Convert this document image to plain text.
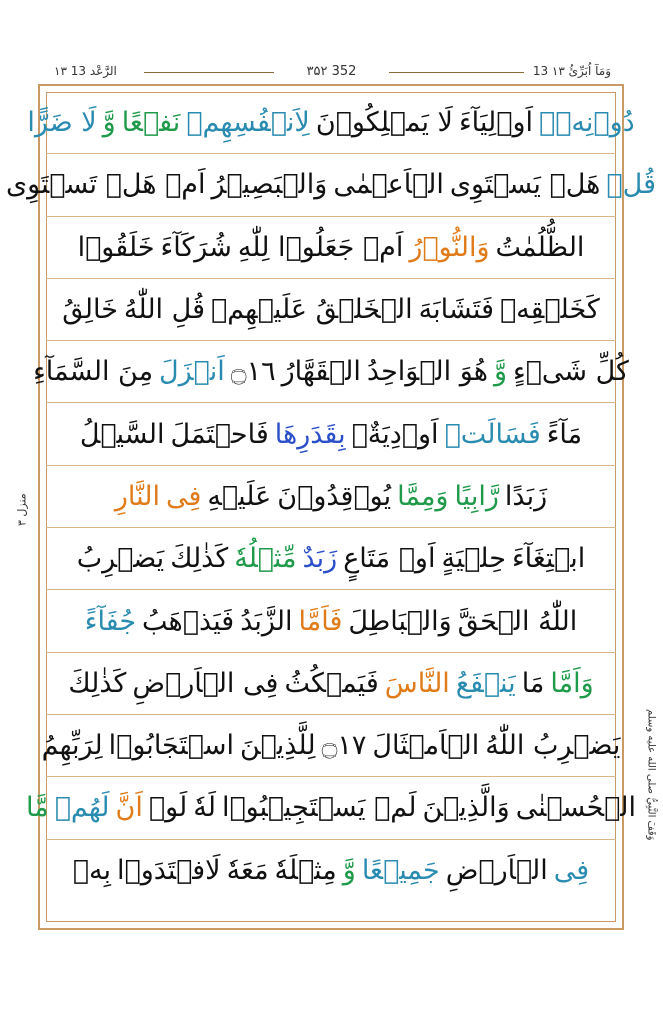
۱۳ الرَّعْد 13	۳۵۲ 352	13 وَمَآ اُبَرِّئُ ۱۳
دُوۡنِهٖۤ
اَوۡلِيَآءَ
لَا يَمۡلِكُوۡنَ
لِاَنۡفُسِهِمۡ
نَفۡعًا
وَّ
لَا ضَرًّا
قُلۡ
هَلۡ يَسۡتَوِى
الۡاَعۡمٰى
وَالۡبَصِيۡرُ
اَمۡ هَلۡ تَسۡتَوِى
الظُّلُمٰتُ
وَالنُّوۡرُ
اَمۡ جَعَلُوۡا لِلّٰهِ
شُرَكَآءَ
خَلَقُوۡا
كَخَلۡقِهٖ
فَتَشَابَهَ
الۡخَلۡقُ عَلَيۡهِمۡ
قُلِ اللّٰهُ
خَالِقُ
كُلِّ شَىۡءٍ
وَّ
هُوَ الۡوَاحِدُ
الۡقَهَّارُ
۝١٦
اَنۡزَلَ
مِنَ السَّمَآءِ
مَآءً
فَسَالَتۡ
اَوۡدِيَةٌۢ
بِقَدَرِهَا
فَاحۡتَمَلَ
السَّيۡلُ
زَبَدًا
رَّابِيًا
وَمِمَّا
يُوۡقِدُوۡنَ
عَلَيۡهِ
فِى
النَّارِ
ابۡتِغَآءَ
حِلۡيَةٍ
اَوۡ مَتَاعٍ
زَبَدٌ
مِّثۡلُهٗ
كَذٰلِكَ
يَضۡرِبُ
اللّٰهُ الۡحَقَّ
وَالۡبَاطِلَ
فَاَمَّا
الزَّبَدُ
فَيَذۡهَبُ
جُفَآءً
وَاَمَّا
مَا
يَنۡفَعُ
النَّاسَ
فَيَمۡكُثُ
فِى الۡاَرۡضِ
كَذٰلِكَ
يَضۡرِبُ اللّٰهُ
الۡاَمۡثَالَ
۝١٧
لِلَّذِيۡنَ
اسۡتَجَابُوۡا
لِرَبِّهِمُ
الۡحُسۡنٰى
وَالَّذِيۡنَ
لَمۡ يَسۡتَجِيۡبُوۡا
لَهٗ
لَوۡ
اَنَّ
لَهُمۡ
مَّا
فِى
الۡاَرۡضِ
جَمِيۡعًا
وَّ
مِثۡلَهٗ
مَعَهٗ
لَافۡتَدَوۡا
بِهٖ
منزل ۳
وَقَفَ النَّبِيُّ صلى الله عليه وسلم
